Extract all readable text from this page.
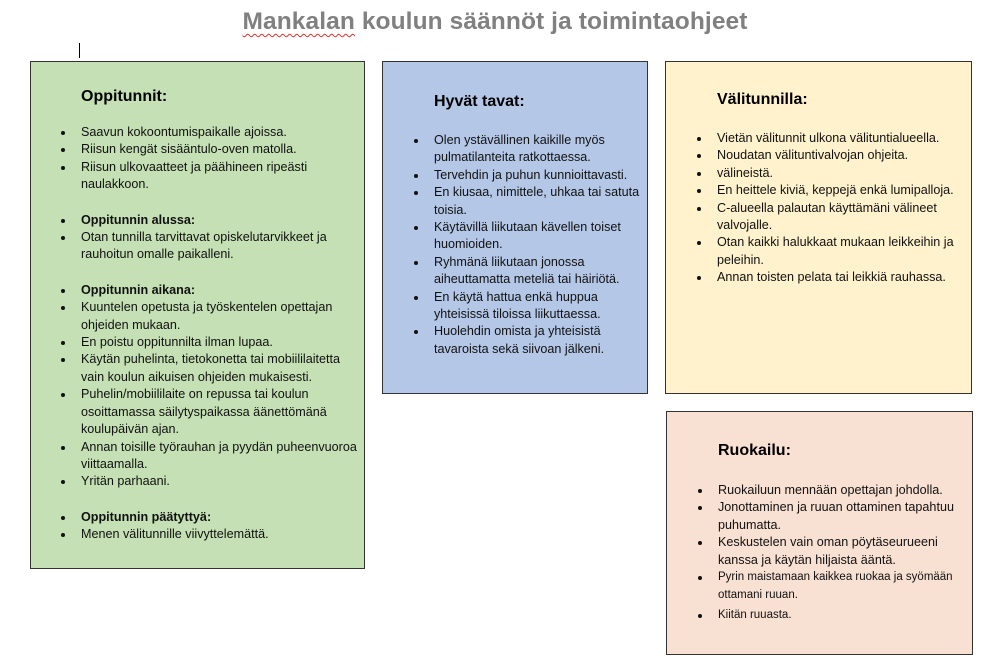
Mankalan koulun säännöt ja toimintaohjeet
Oppitunnit:
Saavun kokoontumispaikalle ajoissa.
Riisun kengät sisääntulo-oven matolla.
Riisun ulkovaatteet ja päähineen ripeästi naulakkoon.
Oppitunnin alussa:
Otan tunnilla tarvittavat opiskelutarvikkeet ja rauhoitun omalle paikalleni.
Oppitunnin aikana:
Kuuntelen opetusta ja työskentelen opettajan ohjeiden mukaan.
En poistu oppitunnilta ilman lupaa.
Käytän puhelinta, tietokonetta tai mobiililaitetta vain koulun aikuisen ohjeiden mukaisesti.
Puhelin/mobiililaite on repussa tai koulun osoittamassa säilytyspaikassa äänettömänä koulupäivän ajan.
Annan toisille työrauhan ja pyydän puheenvuoroa viittaamalla.
Yritän parhaani.
Oppitunnin päätyttyä:
Menen välitunnille viivyttelemättä.
Hyvät tavat:
Olen ystävällinen kaikille myös pulmatilanteita ratkottaessa.
Tervehdin ja puhun kunnioittavasti.
En kiusaa, nimittele, uhkaa tai satuta toisia.
Käytävillä liikutaan kävellen toiset huomioiden.
Ryhmänä liikutaan jonossa aiheuttamatta meteliä tai häiriötä.
En käytä hattua enkä huppua yhteisissä tiloissa liikuttaessa.
Huolehdin omista ja yhteisistä tavaroista sekä siivoan jälkeni.
Välitunnilla:
Vietän välitunnit ulkona välituntialueella.
Noudatan välituntivalvojan ohjeita.
välineistä.
En heittele kiviä, keppejä enkä lumipalloja.
C-alueella palautan käyttämäni välineet valvojalle.
Otan kaikki halukkaat mukaan leikkeihin ja peleihin.
Annan toisten pelata tai leikkiä rauhassa.
Ruokailu:
Ruokailuun mennään opettajan johdolla.
Jonottaminen ja ruuan ottaminen tapahtuu puhumatta.
Keskustelen vain oman pöytäseurueeni kanssa ja käytän hiljaista ääntä.
Pyrin maistamaan kaikkea ruokaa ja syömään ottamani ruuan.
Kiitän ruuasta.
